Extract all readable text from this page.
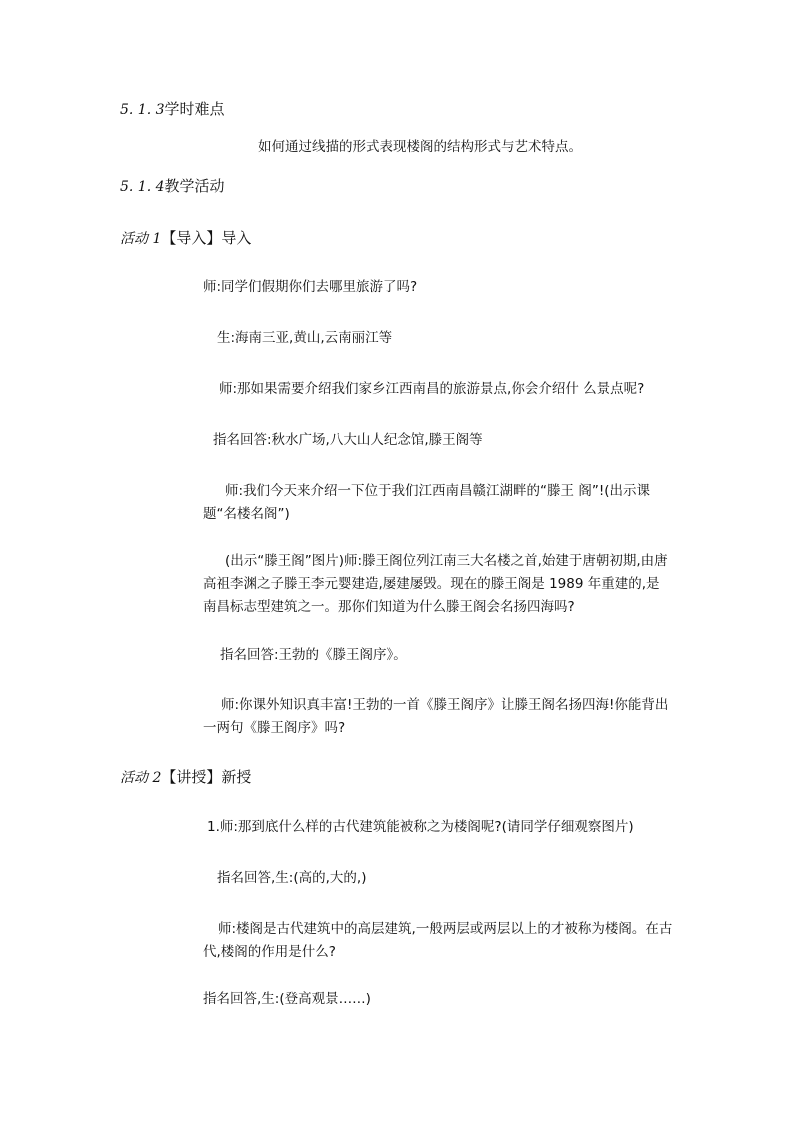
5. 1. 3学时难点
如何通过线描的形式表现楼阁的结构形式与艺术特点。
5. 1. 4教学活动
活动 1【导入】导入
师:同学们假期你们去哪里旅游了吗?
生:海南三亚,黄山,云南丽江等
师:那如果需要介绍我们家乡江西南昌的旅游景点,你会介绍什 么景点呢?
指名回答:秋水广场,八大山人纪念馆,滕王阁等
师:我们今天来介绍一下位于我们江西南昌赣江湖畔的“滕王 阁”!(出示课题“名楼名阁”)
(出示“滕王阁”图片)师:滕王阁位列江南三大名楼之首,始建于唐朝初期,由唐高祖李渊之子滕王李元婴建造,屡建屡毁。现在的滕王阁是 1989 年重建的,是南昌标志型建筑之一。那你们知道为什么滕王阁会名扬四海吗?
指名回答:王勃的《滕王阁序》。
师:你课外知识真丰富!王勃的一首《滕王阁序》让滕王阁名扬四海!你能背出一两句《滕王阁序》吗?
活动 2【讲授】新授
1.师:那到底什么样的古代建筑能被称之为楼阁呢?(请同学仔细观察图片)
指名回答,生:(高的,大的,)
师:楼阁是古代建筑中的高层建筑,一般两层或两层以上的才被称为楼阁。在古代,楼阁的作用是什么?
指名回答,生:(登高观景……)
